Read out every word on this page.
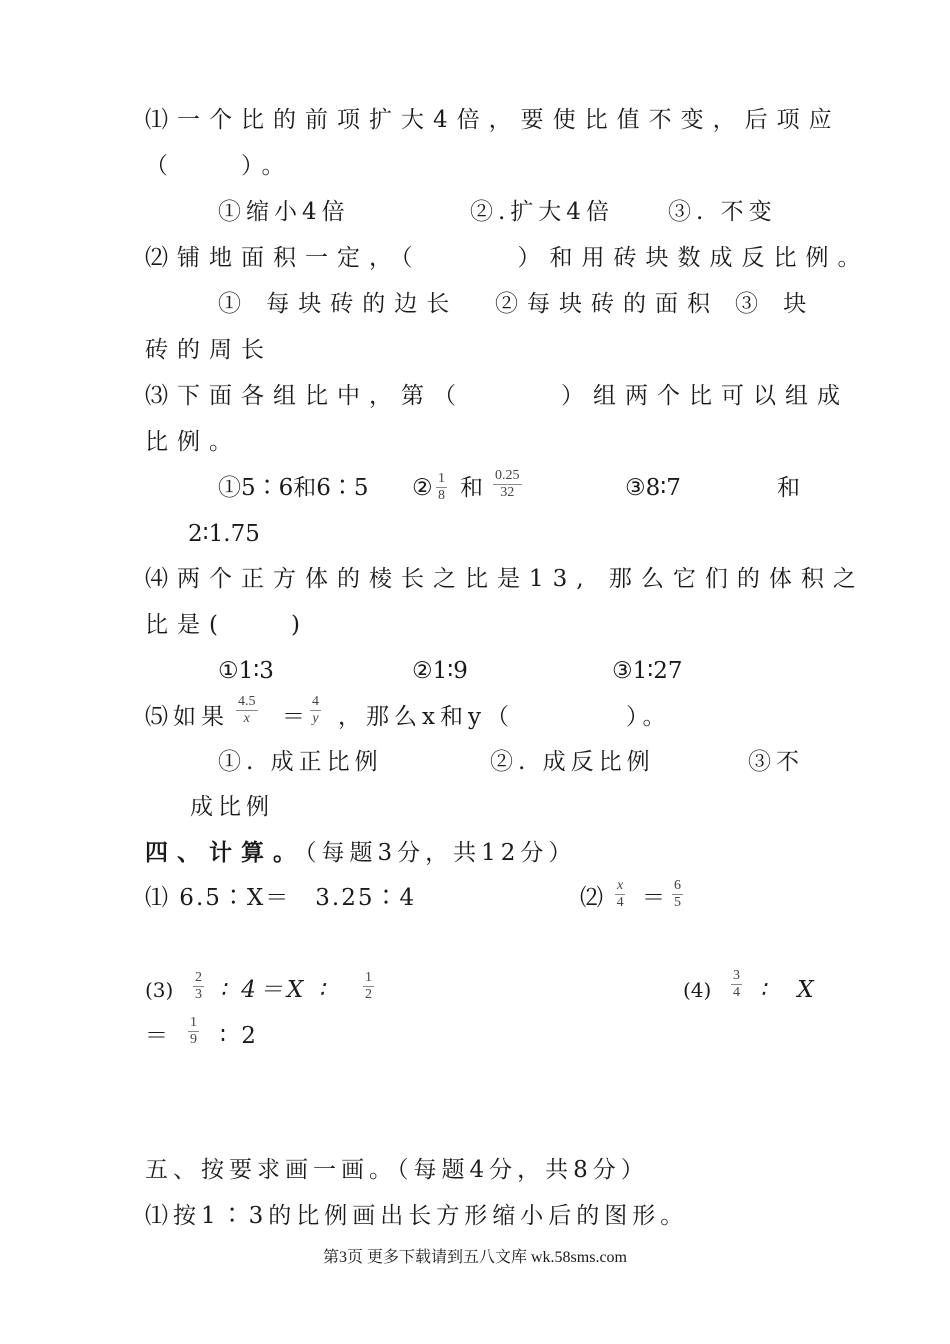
⑴一个比的前项扩大4倍，要使比值不变，后项应
（　　）。
①缩小4倍	②.扩大4倍 ③. 不变
⑵铺地面积一定，（　　　）和用砖块数成反比例。
① 每块砖的边长 ②每块砖的面积 ③ 块
砖的周长
⑶下面各组比中，第（　　　）组两个比可以组成
比例。
①5∶6和6∶5 ② $\frac{1}{8}$ 和 $\frac{0.25}{32}$	③8∶7	和
2∶1.75
⑷两个正方体的棱长之比是13, 那么它们的体积之
比是(　　)
①1∶3	②1∶9	③1∶27
⑸如果 $\frac{4.5}{x} = \frac{4}{y}$ ，那么x和y（　　　　）。
①. 成正比例	②. 成反比例	③不
成比例
四、计算。（每题3分，共12分）
⑴ 6.5∶X＝　3.25∶4	⑵ $\frac{x}{4} = \frac{6}{5}$
$(3) \frac{2}{3}$ ∶ 4＝X ∶ $\frac{1}{2}$
＝ $\frac{1}{9}$ ∶ 2
$(4) \frac{3}{4}$ ∶ X
五、按要求画一画。（每题4分，共8分）
⑴按1∶3的比例画出长方形缩小后的图形。
第3页 更多下载请到五八文库 wk.58sms.com
